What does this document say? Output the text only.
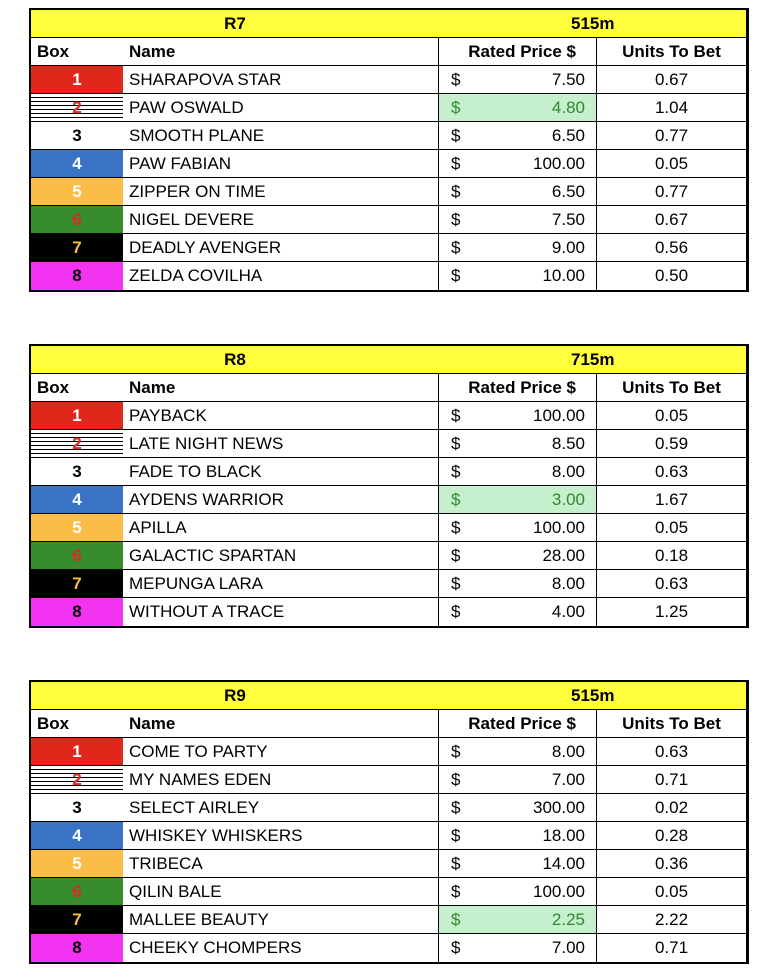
R7	515m
Box	Name	Rated Price $	Units To Bet
1	SHARAPOVA STAR	$	7.50	0.67
2	PAW OSWALD	$	4.80	1.04
3	SMOOTH PLANE	$	6.50	0.77
4	PAW FABIAN	$	100.00	0.05
5	ZIPPER ON TIME	$	6.50	0.77
6	NIGEL DEVERE	$	7.50	0.67
7	DEADLY AVENGER	$	9.00	0.56
8	ZELDA COVILHA	$	10.00	0.50
R8	715m
Box	Name	Rated Price $	Units To Bet
1	PAYBACK	$	100.00	0.05
2	LATE NIGHT NEWS	$	8.50	0.59
3	FADE TO BLACK	$	8.00	0.63
4	AYDENS WARRIOR	$	3.00	1.67
5	APILLA	$	100.00	0.05
6	GALACTIC SPARTAN	$	28.00	0.18
7	MEPUNGA LARA	$	8.00	0.63
8	WITHOUT A TRACE	$	4.00	1.25
R9	515m
Box	Name	Rated Price $	Units To Bet
1	COME TO PARTY	$	8.00	0.63
2	MY NAMES EDEN	$	7.00	0.71
3	SELECT AIRLEY	$	300.00	0.02
4	WHISKEY WHISKERS	$	18.00	0.28
5	TRIBECA	$	14.00	0.36
6	QILIN BALE	$	100.00	0.05
7	MALLEE BEAUTY	$	2.25	2.22
8	CHEEKY CHOMPERS	$	7.00	0.71
